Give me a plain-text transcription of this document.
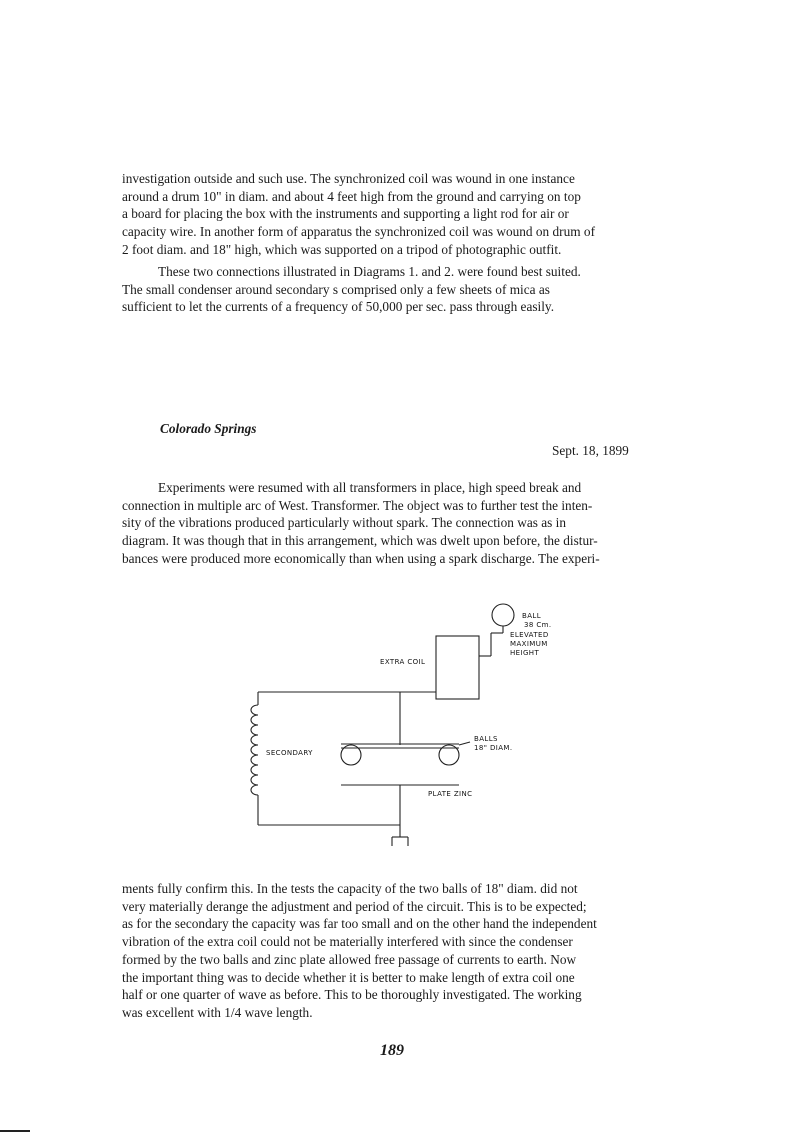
investigation outside and such use. The synchronized coil was wound in one instance
around a drum 10" in diam. and about 4 feet high from the ground and carrying on top
a board for placing the box with the instruments and supporting a light rod for air or
capacity wire. In another form of apparatus the synchronized coil was wound on drum of
2 foot diam. and 18" high, which was supported on a tripod of photographic outfit.
These two connections illustrated in Diagrams 1. and 2. were found best suited.
The small condenser around secondary s comprised only a few sheets of mica as
sufficient to let the currents of a frequency of 50,000 per sec. pass through easily.
Colorado Springs
Sept. 18, 1899
Experiments were resumed with all transformers in place, high speed break and
connection in multiple arc of West. Transformer. The object was to further test the inten-
sity of the vibrations produced particularly without spark. The connection was as in
diagram. It was though that in this arrangement, which was dwelt upon before, the distur-
bances were produced more economically than when using a spark discharge. The experi-
BALL
38 Cm.
ELEVATED
MAXIMUM
HEIGHT
EXTRA COIL
BALLS
18" DIAM.
SECONDARY
PLATE ZINC
ments fully confirm this. In the tests the capacity of the two balls of 18" diam. did not
very materially derange the adjustment and period of the circuit. This is to be expected;
as for the secondary the capacity was far too small and on the other hand the independent
vibration of the extra coil could not be materially interfered with since the condenser
formed by the two balls and zinc plate allowed free passage of currents to earth. Now
the important thing was to decide whether it is better to make length of extra coil one
half or one quarter of wave as before. This to be thoroughly investigated. The working
was excellent with 1/4 wave length.
189
